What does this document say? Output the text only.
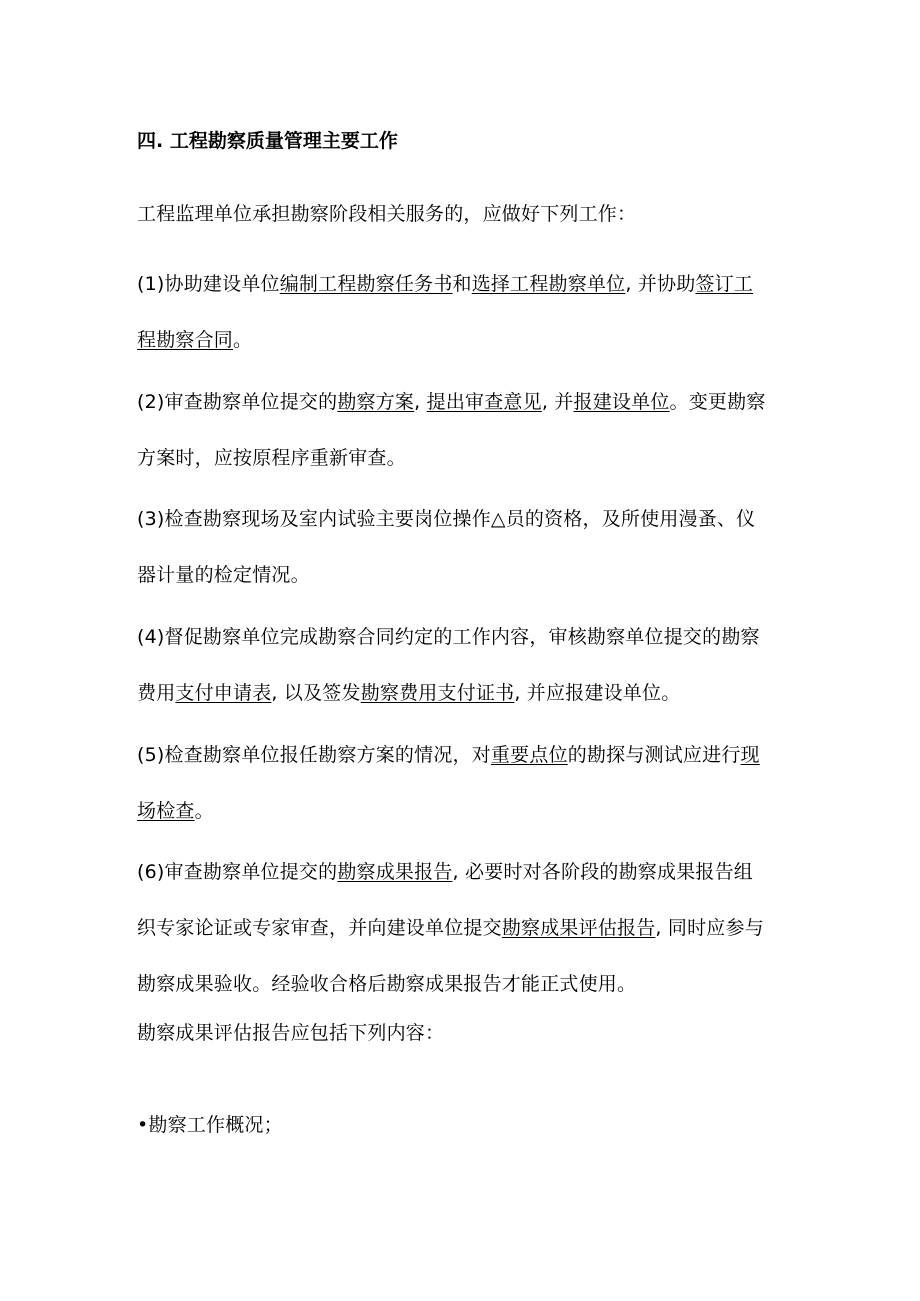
四. 工程勘察质量管理主要工作

工程监理单位承担勘察阶段相关服务的，应做好下列工作：

(1)协助建设单位编制工程勘察任务书和选择工程勘察单位, 并协助签订工
程勘察合同。

(2)审查勘察单位提交的勘察方案, 提出审查意见, 并报建设单位。变更勘察
方案时，应按原程序重新审查。

(3)检查勘察现场及室内试验主要岗位操作△员的资格，及所使用漫蚤、仪
器计量的检定情况。

(4)督促勘察单位完成勘察合同约定的工作内容，审核勘察单位提交的勘察
费用支付申请表, 以及签发勘察费用支付证书, 并应报建设单位。

(5)检查勘察单位报任勘察方案的情况，对重要点位的勘探与测试应进行现
场检查。

(6)审查勘察单位提交的勘察成果报告, 必要时对各阶段的勘察成果报告组
织专家论证或专家审查，并向建设单位提交勘察成果评估报告, 同时应参与
勘察成果验收。经验收合格后勘察成果报告才能正式使用。

勘察成果评估报告应包括下列内容：

•勘察工作概况；
